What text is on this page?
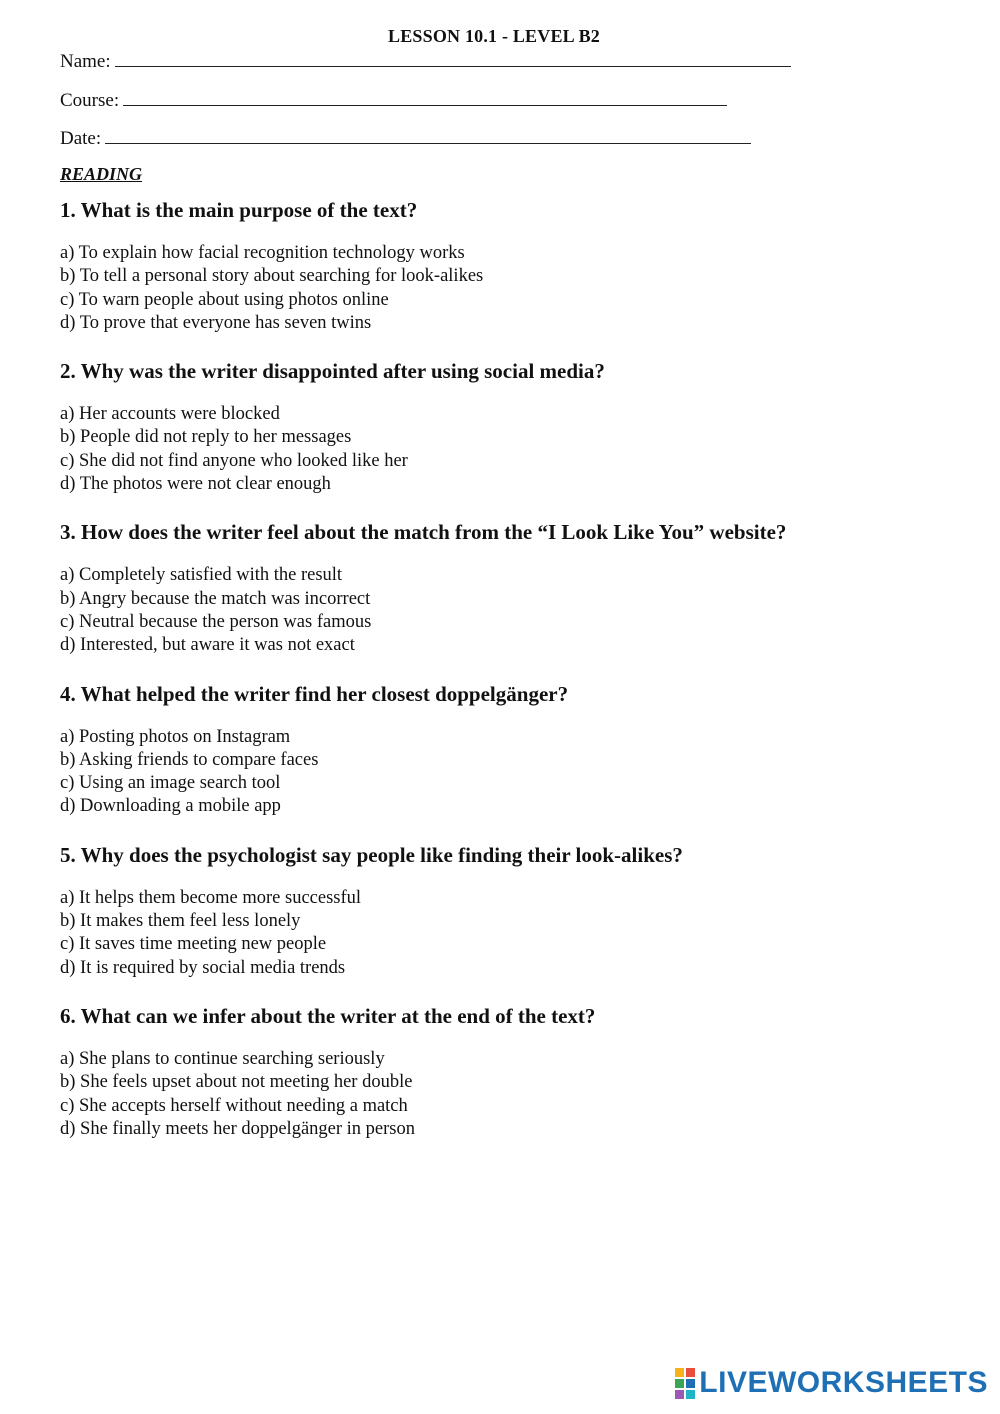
LESSON 10.1 - LEVEL B2
Name:
Course:
Date:
READING
1. What is the main purpose of the text?
a) To explain how facial recognition technology works
b) To tell a personal story about searching for look-alikes
c) To warn people about using photos online
d) To prove that everyone has seven twins
2. Why was the writer disappointed after using social media?
a) Her accounts were blocked
b) People did not reply to her messages
c) She did not find anyone who looked like her
d) The photos were not clear enough
3. How does the writer feel about the match from the “I Look Like You” website?
a) Completely satisfied with the result
b) Angry because the match was incorrect
c) Neutral because the person was famous
d) Interested, but aware it was not exact
4. What helped the writer find her closest doppelgänger?
a) Posting photos on Instagram
b) Asking friends to compare faces
c) Using an image search tool
d) Downloading a mobile app
5. Why does the psychologist say people like finding their look-alikes?
a) It helps them become more successful
b) It makes them feel less lonely
c) It saves time meeting new people
d) It is required by social media trends
6. What can we infer about the writer at the end of the text?
a) She plans to continue searching seriously
b) She feels upset about not meeting her double
c) She accepts herself without needing a match
d) She finally meets her doppelgänger in person
LIVEWORKSHEETS
